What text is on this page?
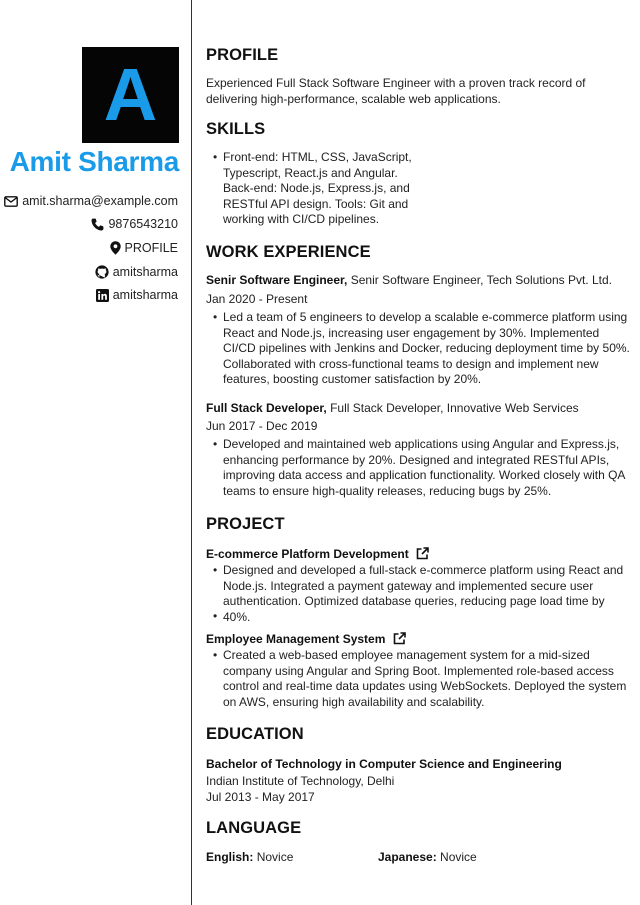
A
Amit Sharma
amit.sharma@example.com
9876543210
PROFILE
amitsharma
amitsharma
PROFILE
Experienced Full Stack Software Engineer with a proven track record of delivering high-performance, scalable web applications.
SKILLS
• Front-end: HTML, CSS, JavaScript, Typescript, React.js and Angular. Back-end: Node.js, Express.js, and RESTful API design. Tools: Git and working with CI/CD pipelines.
WORK EXPERIENCE
Senir Software Engineer, Senir Software Engineer, Tech Solutions Pvt. Ltd.
Jan 2020 - Present
• Led a team of 5 engineers to develop a scalable e-commerce platform using React and Node.js, increasing user engagement by 30%. Implemented CI/CD pipelines with Jenkins and Docker, reducing deployment time by 50%. Collaborated with cross-functional teams to design and implement new features, boosting customer satisfaction by 20%.
Full Stack Developer, Full Stack Developer, Innovative Web Services
Jun 2017 - Dec 2019
• Developed and maintained web applications using Angular and Express.js, enhancing performance by 20%. Designed and integrated RESTful APIs, improving data access and application functionality. Worked closely with QA teams to ensure high-quality releases, reducing bugs by 25%.
PROJECT
E-commerce Platform Development
• Designed and developed a full-stack e-commerce platform using React and Node.js. Integrated a payment gateway and implemented secure user authentication. Optimized database queries, reducing page load time by 40%.
•
Employee Management System
• Created a web-based employee management system for a mid-sized company using Angular and Spring Boot. Implemented role-based access control and real-time data updates using WebSockets. Deployed the system on AWS, ensuring high availability and scalability.
EDUCATION
Bachelor of Technology in Computer Science and Engineering
Indian Institute of Technology, Delhi
Jul 2013 - May 2017
LANGUAGE
English: Novice	Japanese: Novice
